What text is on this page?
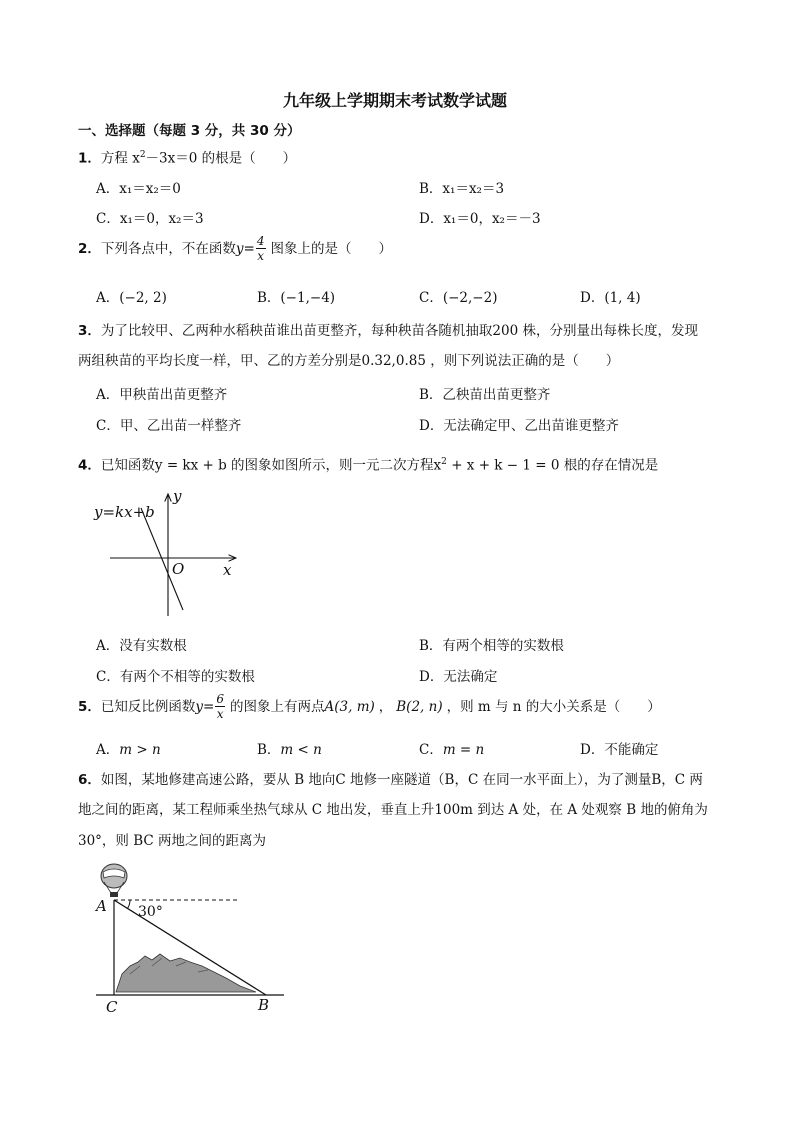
九年级上学期期末考试数学试题
一、选择题（每题 3 分，共 30 分）
1．方程 $x^2-3x=0$ 的根是（　　）
A．x₁＝x₂＝0	B．x₁＝x₂＝3
C．x₁＝0，x₂＝3	D．x₁＝0，x₂＝－3
2． 下列各点中，不在函数 $y = \frac{4}{x}$ 图象上的是（　　）
A．(−2, 2)	B．(−1,−4)	C．(−2,−2)	D．(1, 4)
3．为了比较甲、乙两种水稻秧苗谁出苗更整齐，每种秧苗各随机抽取200 株，分别量出每株长度，发现
两组秧苗的平均长度一样，甲、乙的方差分别是0.32,0.85 ，则下列说法正确的是（　　）
A．甲秧苗出苗更整齐	B．乙秧苗出苗更整齐
C．甲、乙出苗一样整齐	D．无法确定甲、乙出苗谁更整齐
4．已知函数y = kx + b 的图象如图所示，则一元二次方程$x^2 + x + k - 1 = 0$ 根的存在情况是
y=kx+b
y
x
O
A．没有实数根	B．有两个相等的实数根
C．有两个不相等的实数根	D．无法确定
5． 已知反比例函数 $y = \frac{6}{x}$ 的图象上有两点 A(3, m) ， B(2, n) ，则 m 与 n 的大小关系是（　　）
A．m > n	B．m < n	C．m = n	D．不能确定
6．如图，某地修建高速公路，要从 B 地向C 地修一座隧道（B，C 在同一水平面上），为了测量B，C 两
地之间的距离，某工程师乘坐热气球从 C 地出发，垂直上升100m 到达 A 处，在 A 处观察 B 地的俯角为
30°，则 BC 两地之间的距离为
A
C	B
30°
